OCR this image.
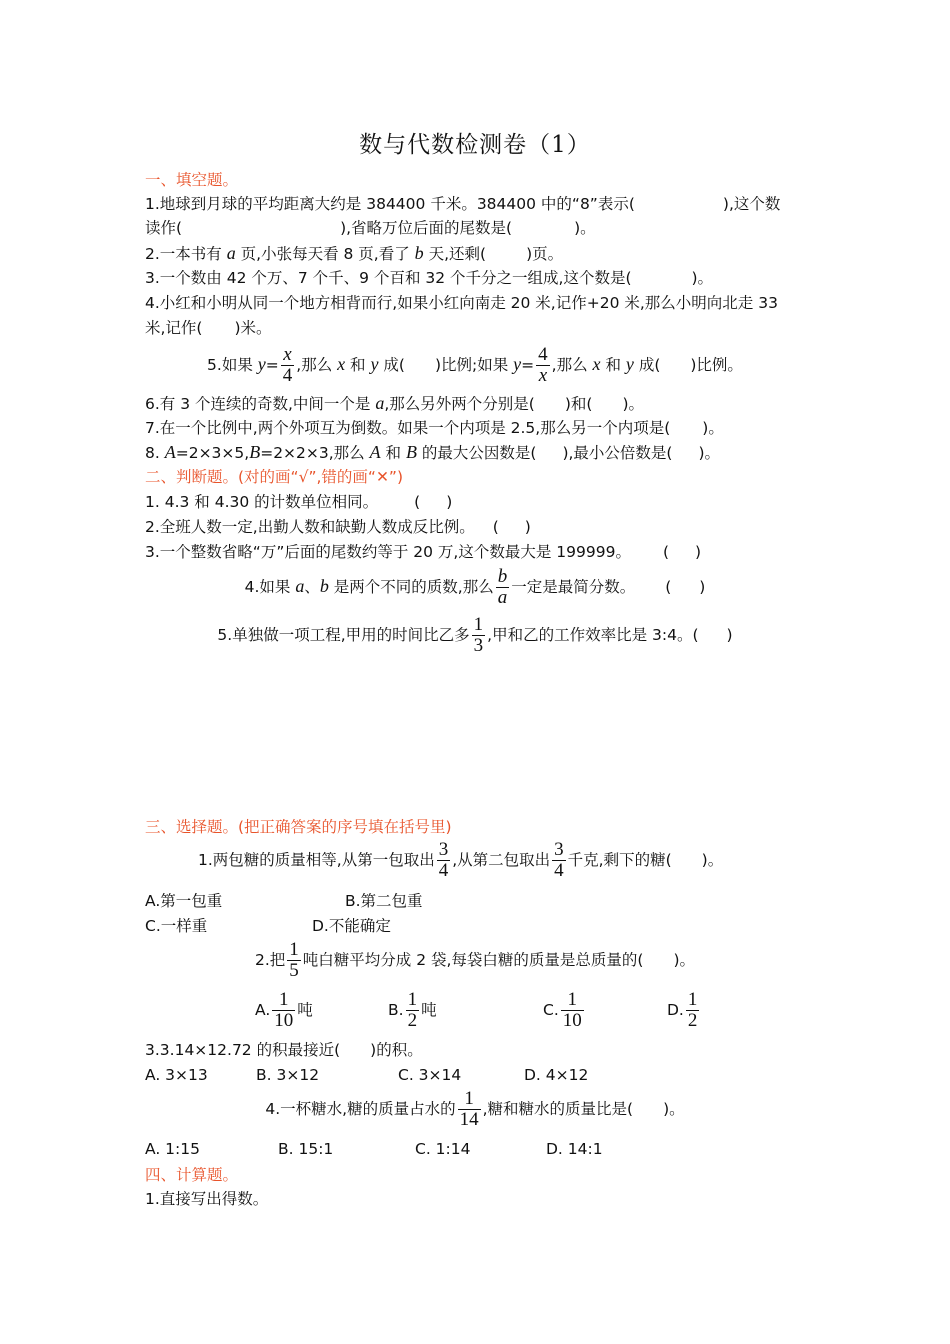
数与代数检测卷（1）
一、填空题。
1.地球到月球的平均距离大约是 384400 千米。384400 中的“8”表示(	),这个数
读作(	),省略万位后面的尾数是(	)。
2.一本书有 a 页,小张每天看 8 页,看了 b 天,还剩(	)页。
3.一个数由 42 个万、7 个千、9 个百和 32 个千分之一组成,这个数是(	)。
4.小红和小明从同一个地方相背而行,如果小红向南走 20 米,记作+20 米,那么小明向北走 33
米,记作( )米。
5.如果 $y= \frac{x}{4}$ ,那么 x 和 y 成( )比例;如果 $y= \frac{4}{x}$ ,那么 x 和 y 成( )比例。
6.有 3 个连续的奇数,中间一个是 a,那么另外两个分别是( )和( )。
7.在一个比例中,两个外项互为倒数。如果一个内项是 2.5,那么另一个内项是( )。
8. A=2×3×5,B=2×2×3,那么 A 和 B 的最大公因数是( ),最小公倍数是( )。
二、判断题。(对的画“√”,错的画“✕”)
1. 4.3 和 4.30 的计数单位相同。 ( )
2.全班人数一定,出勤人数和缺勤人数成反比例。 ( )
3.一个整数省略“万”后面的尾数约等于 20 万,这个数最大是 199999。 ( )
4.如果 a、b 是两个不同的质数,那么 $\frac{b}{a}$ 一定是最简分数。 ( )
5.单独做一项工程,甲用的时间比乙多 $\frac{1}{3}$ ,甲和乙的工作效率比是 3:4。( )
三、选择题。(把正确答案的序号填在括号里)
1.两包糖的质量相等,从第一包取出 $\frac{3}{4}$ ,从第二包取出 $\frac{3}{4}$ 千克,剩下的糖( )。
A.第一包重	B.第二包重
C.一样重	D.不能确定
2.把 $\frac{1}{5}$ 吨白糖平均分成 2 袋,每袋白糖的质量是总质量的( )。
A. $\frac{1}{10}$ 吨	B. $\frac{1}{2}$ 吨	C. $\frac{1}{10}$	D. $\frac{1}{2}$
3.3.14×12.72 的积最接近( )的积。
A. 3×13	B. 3×12	C. 3×14	D. 4×12
4.一杯糖水,糖的质量占水的 $\frac{1}{14}$ ,糖和糖水的质量比是( )。
A. 1:15	B. 15:1	C. 1:14	D. 14:1
四、计算题。
1.直接写出得数。
